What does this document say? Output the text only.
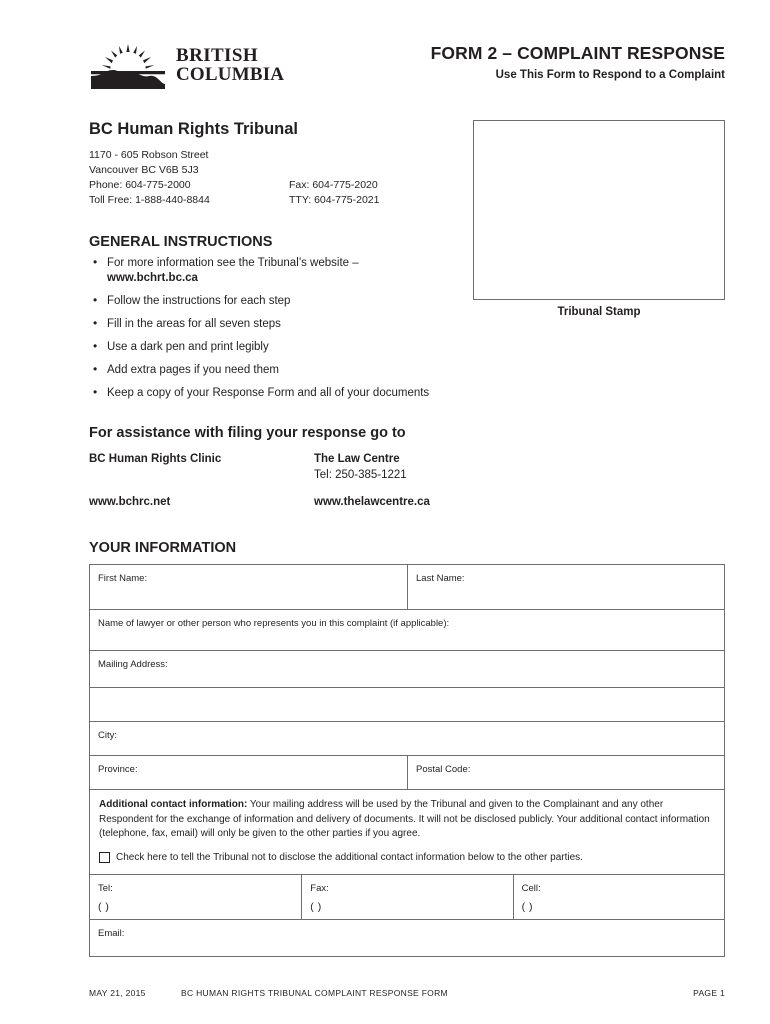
BRITISH
COLUMBIA
FORM 2 – COMPLAINT RESPONSE
Use This Form to Respond to a Complaint
Tribunal Stamp
BC Human Rights Tribunal
1170 - 605 Robson Street
Vancouver BC V6B 5J3
Phone: 604-775-2000	Fax: 604-775-2020
Toll Free: 1-888-440-8844	TTY: 604-775-2021
GENERAL INSTRUCTIONS
• For more information see the Tribunal’s website –
www.bchrt.bc.ca
• Follow the instructions for each step
• Fill in the areas for all seven steps
• Use a dark pen and print legibly
• Add extra pages if you need them
• Keep a copy of your Response Form and all of your documents
For assistance with filing your response go to
BC Human Rights Clinic	The Law Centre
Tel: 250-385-1221
www.bchrc.net	www.thelawcentre.ca
YOUR INFORMATION
First Name:	Last Name:
Name of lawyer or other person who represents you in this complaint (if applicable):
Mailing Address:
City:
Province:	Postal Code:
Additional contact information: Your mailing address will be used by the Tribunal and given to the Complainant and any other Respondent for the exchange of information and delivery of documents. It will not be disclosed publicly. Your additional contact information (telephone, fax, email) will only be given to the other parties if you agree.
Check here to tell the Tribunal not to disclose the additional contact information below to the other parties.
Tel:
( )
Fax:
( )
Cell:
( )
Email:
MAY 21, 2015	BC HUMAN RIGHTS TRIBUNAL COMPLAINT RESPONSE FORM	PAGE 1
